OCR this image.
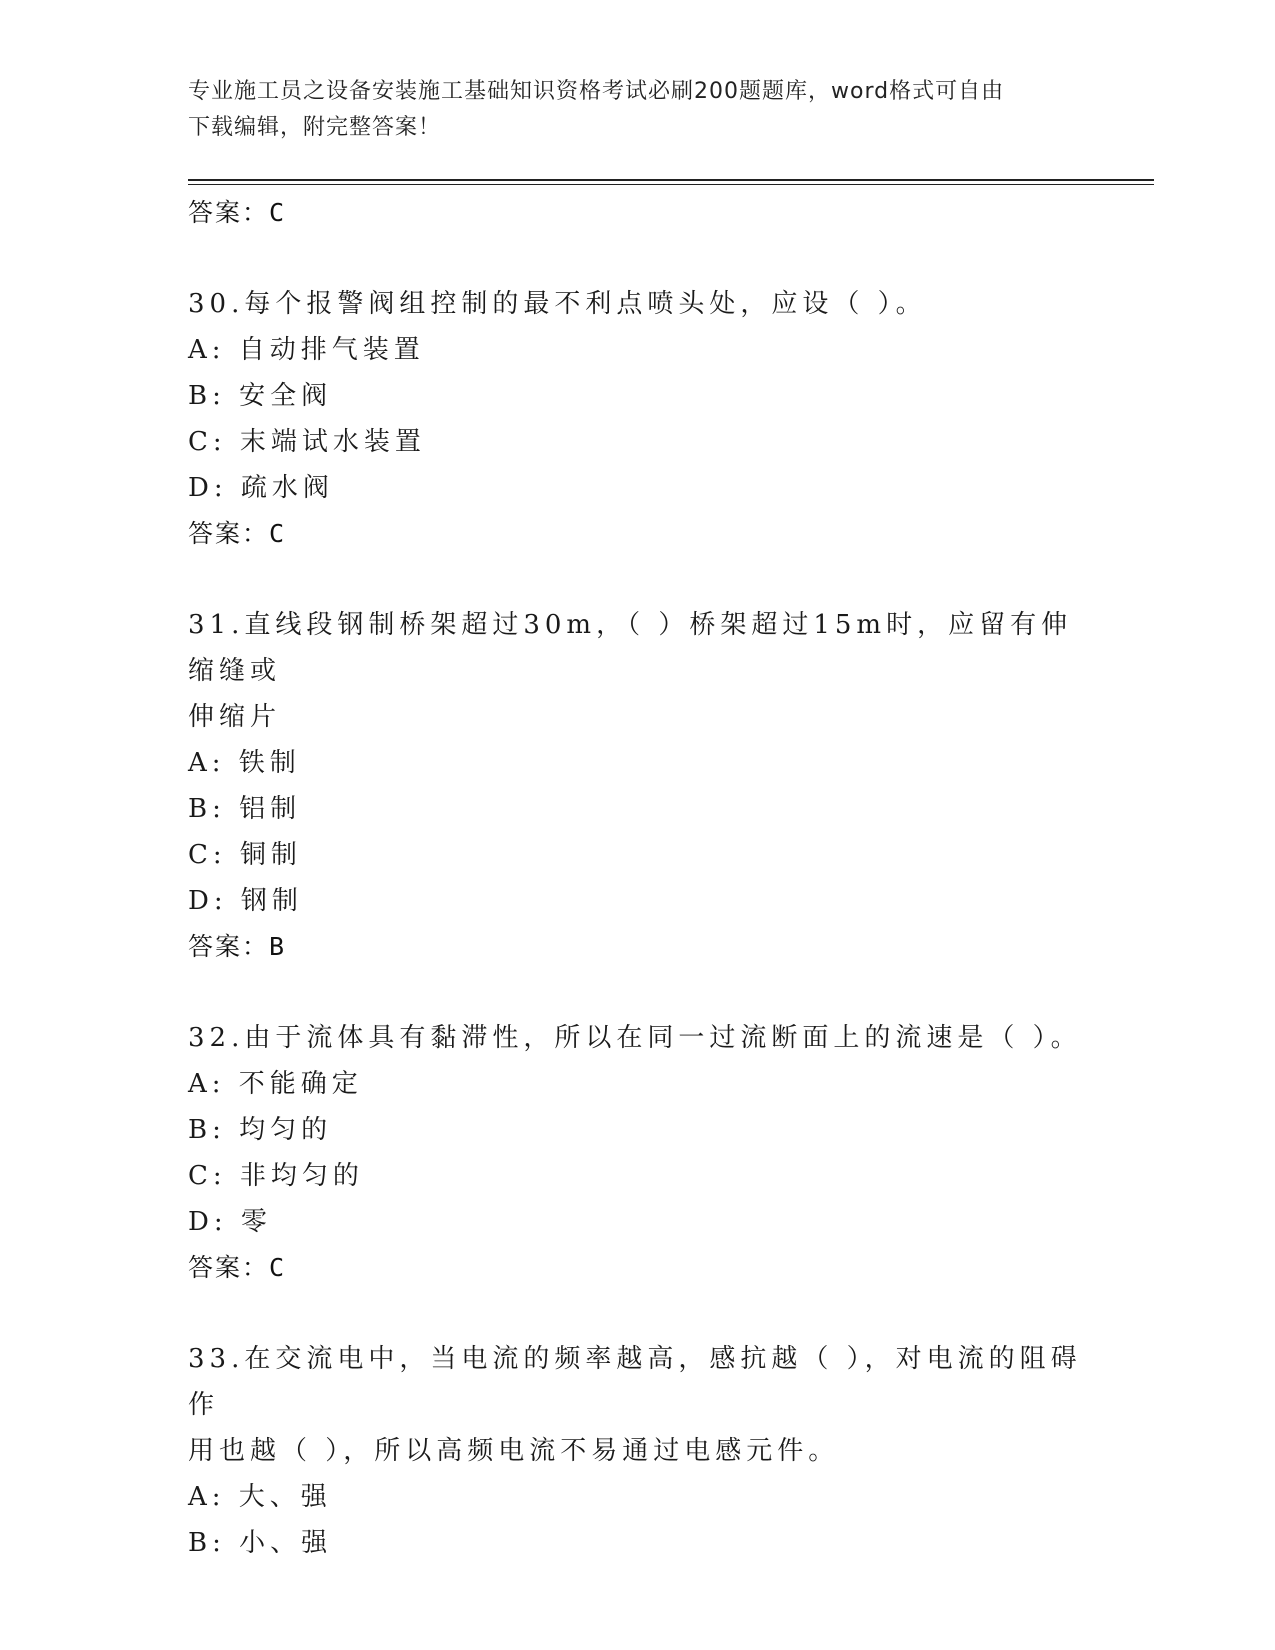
专业施工员之设备安装施工基础知识资格考试必刷200题题库，word格式可自由
下载编辑，附完整答案！
答案：C
30.每个报警阀组控制的最不利点喷头处，应设（ ）。
A: 自动排气装置
B: 安全阀
C: 末端试水装置
D: 疏水阀
答案：C
31.直线段钢制桥架超过30m，（ ）桥架超过15m时，应留有伸缩缝或
伸缩片
A: 铁制
B: 铝制
C: 铜制
D: 钢制
答案：B
32.由于流体具有黏滞性，所以在同一过流断面上的流速是（ ）。
A: 不能确定
B: 均匀的
C: 非均匀的
D: 零
答案：C
33.在交流电中，当电流的频率越高，感抗越（ ），对电流的阻碍作
用也越（ ），所以高频电流不易通过电感元件。
A: 大、强
B: 小、强
